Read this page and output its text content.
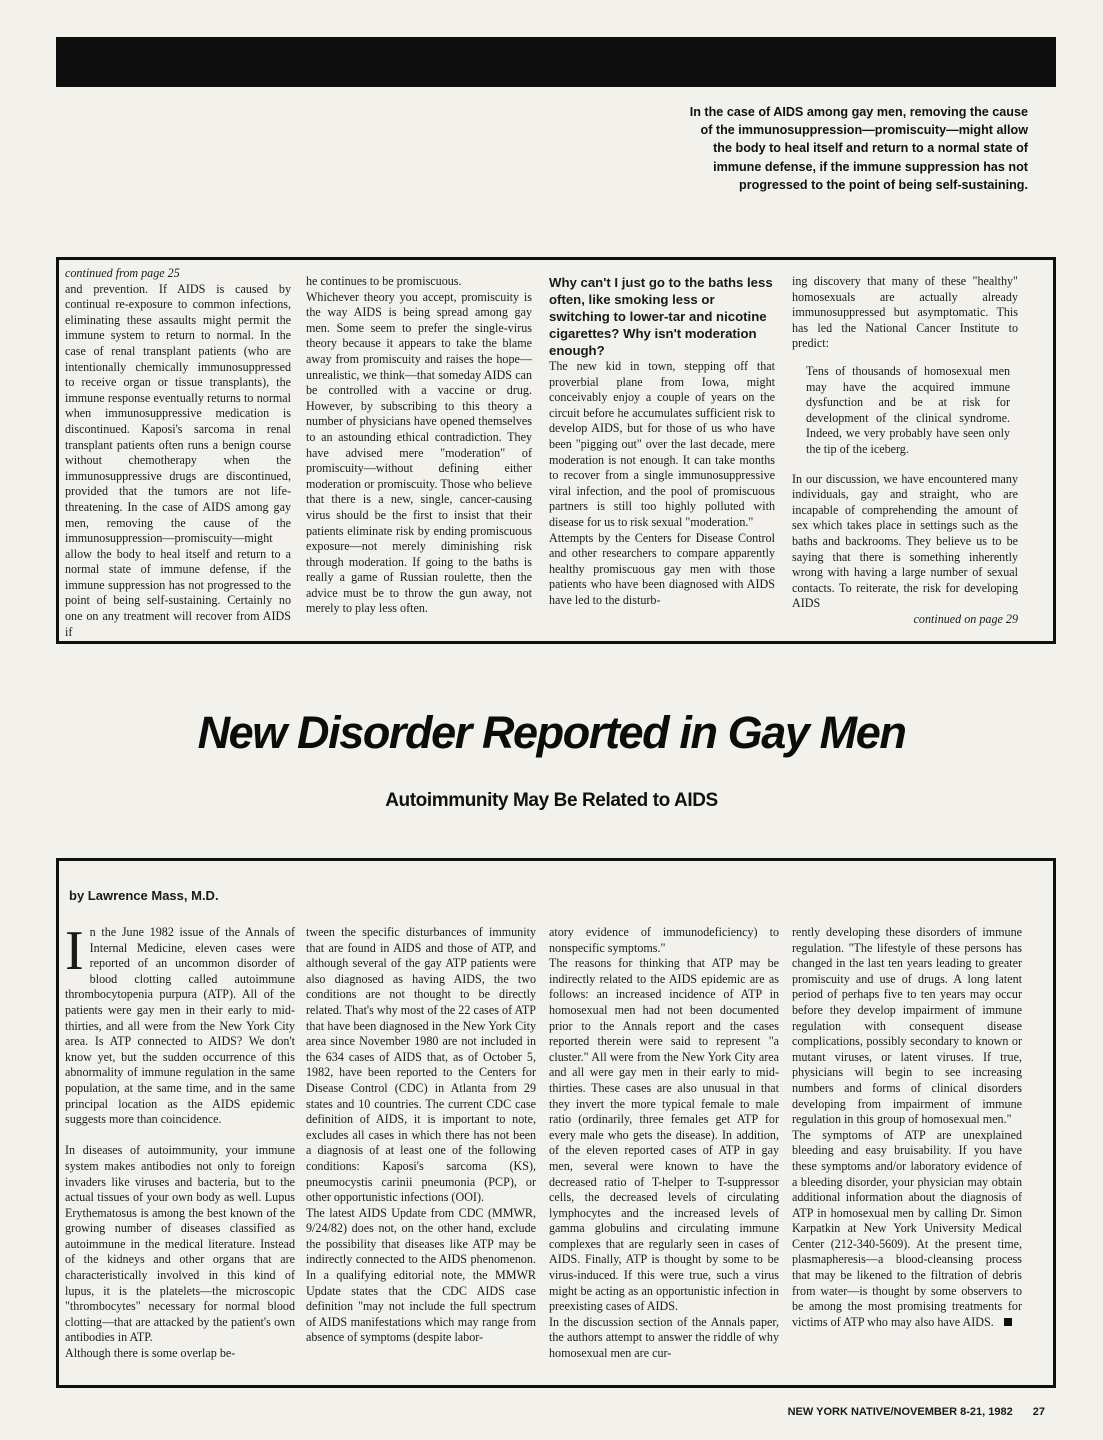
In the case of AIDS among gay men, removing the cause of the immunosuppression—promiscuity—might allow the body to heal itself and return to a normal state of immune defense, if the immune suppression has not progressed to the point of being self-sustaining.
continued from page 25
and prevention. If AIDS is caused by continual re-exposure to common infections, eliminating these assaults might permit the immune system to return to normal. In the case of renal transplant patients (who are intentionally chemically immunosuppressed to receive organ or tissue transplants), the immune response eventually returns to normal when immunosuppressive medication is discontinued. Kaposi's sarcoma in renal transplant patients often runs a benign course without chemotherapy when the immunosuppressive drugs are discontinued, provided that the tumors are not life-threatening. In the case of AIDS among gay men, removing the cause of the immunosuppression—promiscuity—might allow the body to heal itself and return to a normal state of immune defense, if the immune suppression has not progressed to the point of being self-sustaining. Certainly no one on any treatment will recover from AIDS if
he continues to be promiscuous.
Whichever theory you accept, promiscuity is the way AIDS is being spread among gay men. Some seem to prefer the single-virus theory because it appears to take the blame away from promiscuity and raises the hope—unrealistic, we think—that someday AIDS can be controlled with a vaccine or drug. However, by subscribing to this theory a number of physicians have opened themselves to an astounding ethical contradiction. They have advised mere "moderation" of promiscuity—without defining either moderation or promiscuity. Those who believe that there is a new, single, cancer-causing virus should be the first to insist that their patients eliminate risk by ending promiscuous exposure—not merely diminishing risk through moderation. If going to the baths is really a game of Russian roulette, then the advice must be to throw the gun away, not merely to play less often.

Why can't I just go to the baths less often, like smoking less or switching to lower-tar and nicotine cigarettes? Why isn't moderation enough?

The new kid in town, stepping off that proverbial plane from Iowa, might conceivably enjoy a couple of years on the circuit before he accumulates sufficient risk to develop AIDS, but for those of us who have been "pigging out" over the last decade, mere moderation is not enough. It can take months to recover from a single immunosuppressive viral infection, and the pool of promiscuous partners is still too highly polluted with disease for us to risk sexual "moderation."
Attempts by the Centers for Disease Control and other researchers to compare apparently healthy promiscuous gay men with those patients who have been diagnosed with AIDS have led to the disturb-
ing discovery that many of these "healthy" homosexuals are actually already immunosuppressed but asymptomatic. This has led the National Cancer Institute to predict:
Tens of thousands of homosexual men may have the acquired immune dysfunction and be at risk for development of the clinical syndrome. Indeed, we very probably have seen only the tip of the iceberg.
In our discussion, we have encountered many individuals, gay and straight, who are incapable of comprehending the amount of sex which takes place in settings such as the baths and backrooms. They believe us to be saying that there is something inherently wrong with having a large number of sexual contacts. To reiterate, the risk for developing AIDS
continued on page 29
New Disorder Reported in Gay Men
Autoimmunity May Be Related to AIDS
by Lawrence Mass, M.D.
In the June 1982 issue of the Annals of Internal Medicine, eleven cases were reported of an uncommon disorder of blood clotting called autoimmune thrombocytopenia purpura (ATP). All of the patients were gay men in their early to mid-thirties, and all were from the New York City area. Is ATP connected to AIDS? We don't know yet, but the sudden occurrence of this abnormality of immune regulation in the same population, at the same time, and in the same principal location as the AIDS epidemic suggests more than coincidence.

In diseases of autoimmunity, your immune system makes antibodies not only to foreign invaders like viruses and bacteria, but to the actual tissues of your own body as well. Lupus Erythematosus is among the best known of the growing number of diseases classified as autoimmune in the medical literature. Instead of the kidneys and other organs that are characteristically involved in this kind of lupus, it is the platelets—the microscopic "thrombocytes" necessary for normal blood clotting—that are attacked by the patient's own antibodies in ATP.
Although there is some overlap be-
tween the specific disturbances of immunity that are found in AIDS and those of ATP, and although several of the gay ATP patients were also diagnosed as having AIDS, the two conditions are not thought to be directly related. That's why most of the 22 cases of ATP that have been diagnosed in the New York City area since November 1980 are not included in the 634 cases of AIDS that, as of October 5, 1982, have been reported to the Centers for Disease Control (CDC) in Atlanta from 29 states and 10 countries. The current CDC case definition of AIDS, it is important to note, excludes all cases in which there has not been a diagnosis of at least one of the following conditions: Kaposi's sarcoma (KS), pneumocystis carinii pneumonia (PCP), or other opportunistic infections (OOI).
The latest AIDS Update from CDC (MMWR, 9/24/82) does not, on the other hand, exclude the possibility that diseases like ATP may be indirectly connected to the AIDS phenomenon. In a qualifying editorial note, the MMWR Update states that the CDC AIDS case definition "may not include the full spectrum of AIDS manifestations which may range from absence of symptoms (despite labor-
atory evidence of immunodeficiency) to nonspecific symptoms."
The reasons for thinking that ATP may be indirectly related to the AIDS epidemic are as follows: an increased incidence of ATP in homosexual men had not been documented prior to the Annals report and the cases reported therein were said to represent "a cluster." All were from the New York City area and all were gay men in their early to mid-thirties. These cases are also unusual in that they invert the more typical female to male ratio (ordinarily, three females get ATP for every male who gets the disease). In addition, of the eleven reported cases of ATP in gay men, several were known to have the decreased ratio of T-helper to T-suppressor cells, the decreased levels of circulating lymphocytes and the increased levels of gamma globulins and circulating immune complexes that are regularly seen in cases of AIDS. Finally, ATP is thought by some to be virus-induced. If this were true, such a virus might be acting as an opportunistic infection in preexisting cases of AIDS.
In the discussion section of the Annals paper, the authors attempt to answer the riddle of why homosexual men are cur-
rently developing these disorders of immune regulation. "The lifestyle of these persons has changed in the last ten years leading to greater promiscuity and use of drugs. A long latent period of perhaps five to ten years may occur before they develop impairment of immune regulation with consequent disease complications, possibly secondary to known or mutant viruses, or latent viruses. If true, physicians will begin to see increasing numbers and forms of clinical disorders developing from impairment of immune regulation in this group of homosexual men."
The symptoms of ATP are unexplained bleeding and easy bruisability. If you have these symptoms and/or laboratory evidence of a bleeding disorder, your physician may obtain additional information about the diagnosis of ATP in homosexual men by calling Dr. Simon Karpatkin at New York University Medical Center (212-340-5609). At the present time, plasmapheresis—a blood-cleansing process that may be likened to the filtration of debris from water—is thought by some observers to be among the most promising treatments for victims of ATP who may also have AIDS.
NEW YORK NATIVE/NOVEMBER 8-21, 1982 27
